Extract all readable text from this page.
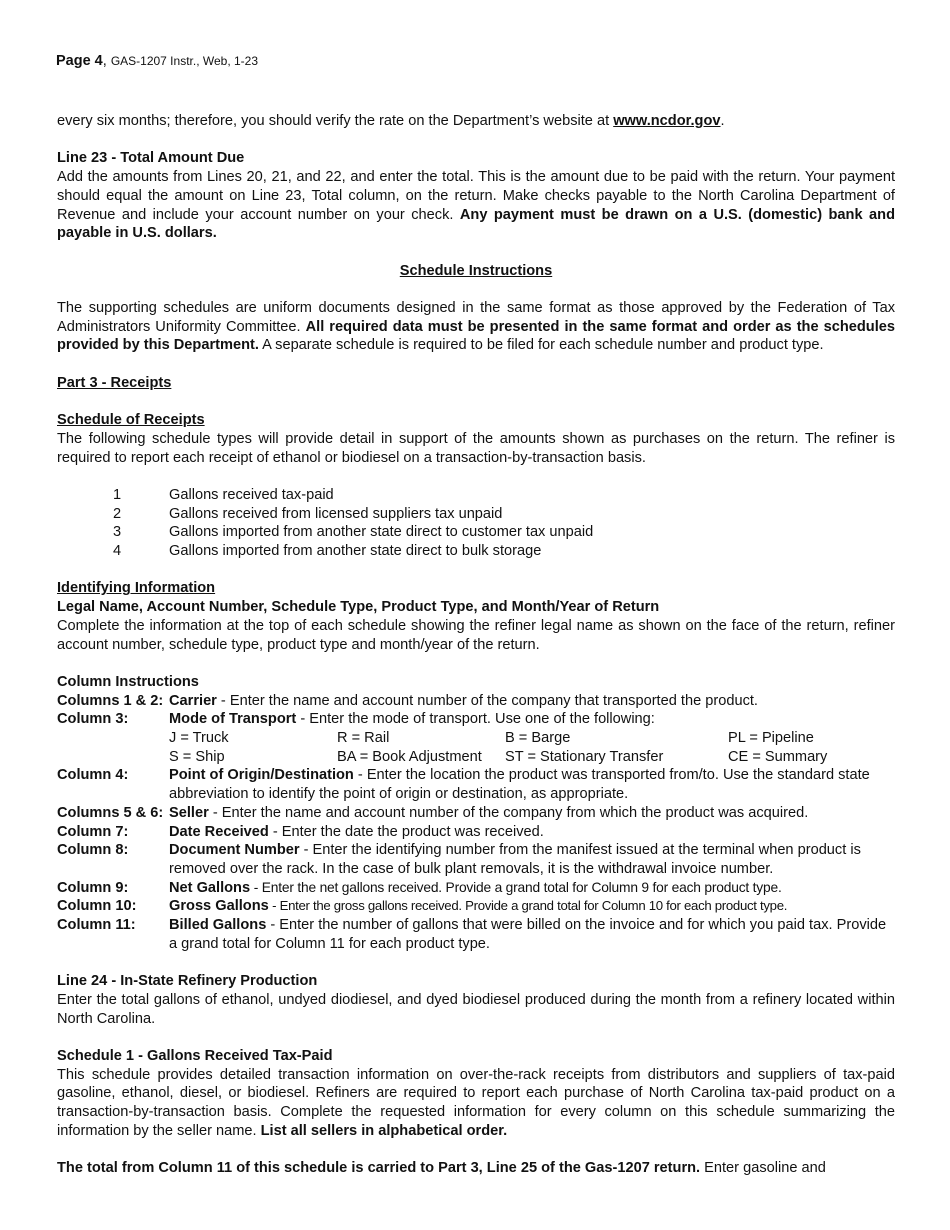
Page 4, GAS-1207 Instr., Web, 1-23

every six months; therefore, you should verify the rate on the Department’s website at www.ncdor.gov.

Line 23 - Total Amount Due

Add the amounts from Lines 20, 21, and 22, and enter the total. This is the amount due to be paid with the return. Your payment should equal the amount on Line 23, Total column, on the return. Make checks payable to the North Carolina Department of Revenue and include your account number on your check. Any payment must be drawn on a U.S. (domestic) bank and payable in U.S. dollars.

Schedule Instructions

The supporting schedules are uniform documents designed in the same format as those approved by the Federation of Tax Administrators Uniformity Committee. All required data must be presented in the same format and order as the schedules provided by this Department. A separate schedule is required to be filed for each schedule number and product type.

Part 3 - Receipts

Schedule of Receipts

The following schedule types will provide detail in support of the amounts shown as purchases on the return. The refiner is required to report each receipt of ethanol or biodiesel on a transaction-by-transaction basis.

1	Gallons received tax-paid
2	Gallons received from licensed suppliers tax unpaid
3	Gallons imported from another state direct to customer tax unpaid
4	Gallons imported from another state direct to bulk storage

Identifying Information

Legal Name, Account Number, Schedule Type, Product Type, and Month/Year of Return

Complete the information at the top of each schedule showing the refiner legal name as shown on the face of the return, refiner account number, schedule type, product type and month/year of the return.

Column Instructions

Columns 1 & 2: Carrier - Enter the name and account number of the company that transported the product.
Column 3:	Mode of Transport - Enter the mode of transport. Use one of the following:
J = Truck	R = Rail	B = Barge	PL = Pipeline
S = Ship	BA = Book Adjustment	ST = Stationary Transfer	CE = Summary
Column 4:	Point of Origin/Destination - Enter the location the product was transported from/to. Use the standard state abbreviation to identify the point of origin or destination, as appropriate.
Columns 5 & 6: Seller - Enter the name and account number of the company from which the product was acquired.
Column 7:	Date Received - Enter the date the product was received.
Column 8:	Document Number - Enter the identifying number from the manifest issued at the terminal when product is removed over the rack. In the case of bulk plant removals, it is the withdrawal invoice number.
Column 9:	Net Gallons - Enter the net gallons received. Provide a grand total for Column 9 for each product type.
Column 10:	Gross Gallons - Enter the gross gallons received. Provide a grand total for Column 10 for each product type.
Column 11:	Billed Gallons - Enter the number of gallons that were billed on the invoice and for which you paid tax. Provide a grand total for Column 11 for each product type.

Line 24 - In-State Refinery Production

Enter the total gallons of ethanol, undyed diodiesel, and dyed biodiesel produced during the month from a refinery located within North Carolina.

Schedule 1 - Gallons Received Tax-Paid

This schedule provides detailed transaction information on over-the-rack receipts from distributors and suppliers of tax-paid gasoline, ethanol, diesel, or biodiesel. Refiners are required to report each purchase of North Carolina tax-paid product on a transaction-by-transaction basis. Complete the requested information for every column on this schedule summarizing the information by the seller name. List all sellers in alphabetical order.

The total from Column 11 of this schedule is carried to Part 3, Line 25 of the Gas-1207 return. Enter gasoline and
